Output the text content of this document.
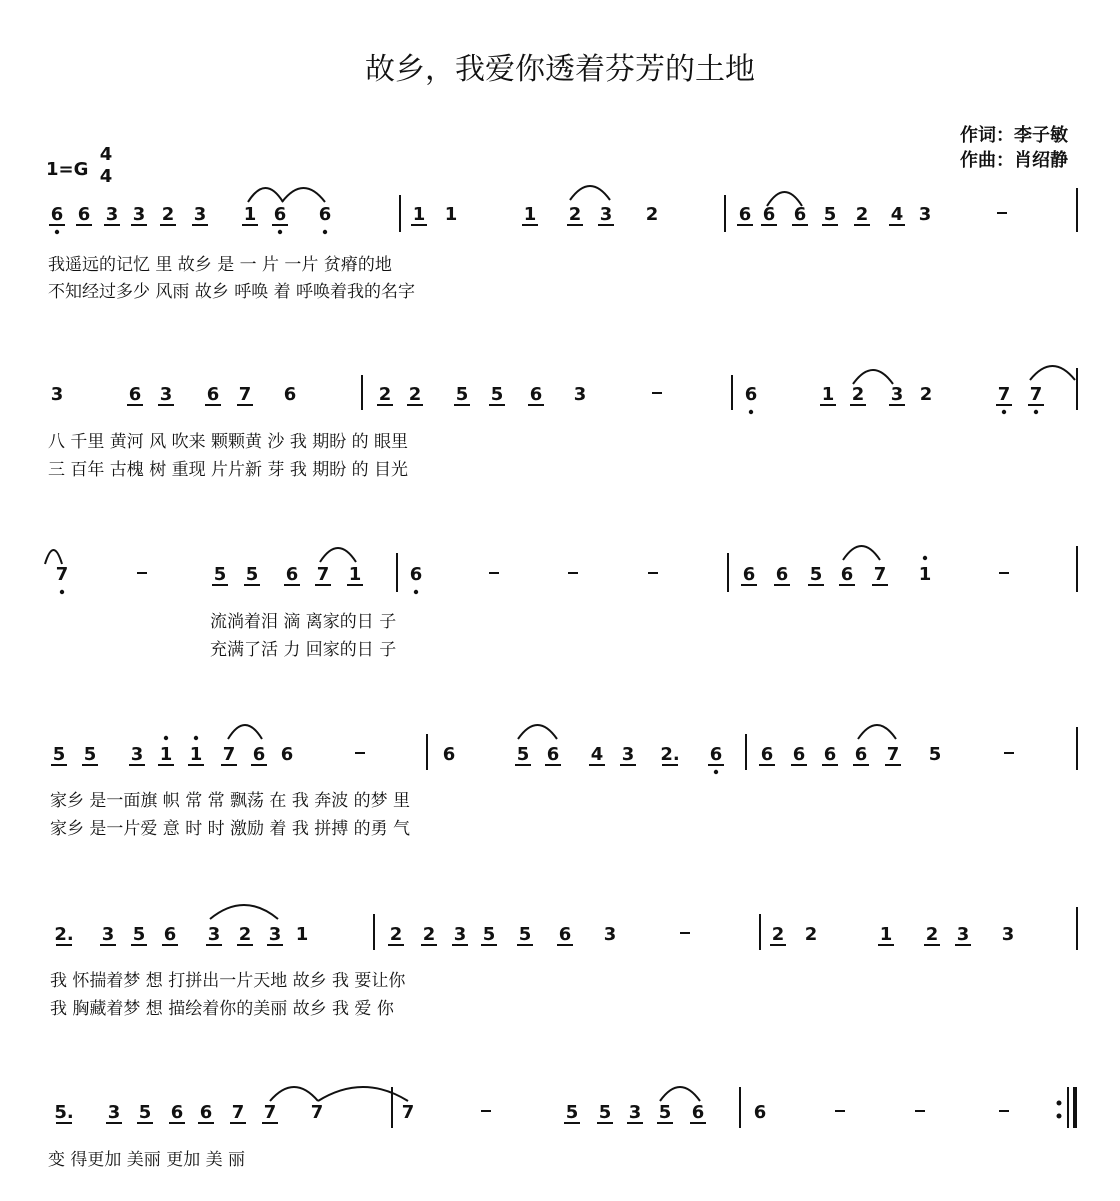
故乡，我爱你透着芬芳的土地
作词：李子敏
作曲：肖绍静
1=G
4
4
6 6 3 3 2 3 1 6 6	1 1	1 2 3 2	6 6 6 5 2 4 3
3	6 3 6 7 6	2 2 5 5 6 3	6	1 2 3 2	7 7
7	5 5 6 7 1	6	6 6 5 6 7 1
5 5 3 1 1 7 6 6	6	5 6 4 3 2. 6 6 6 6 6 7 5
2. 3 5 6 3 2 3 1	2 2 3 5 5 6 3	2 2	1 2 3 3
5. 3 5 6 6 7 7 7	7	5 5 3 5 6	6
我遥远的记忆 里 故乡 是 一 片 一片 贫瘠的地
不知经过多少 风雨 故乡 呼唤 着 呼唤着我的名字
八 千里 黄河 风 吹来 颗颗黄 沙 我 期盼 的 眼里
三 百年 古槐 树 重现 片片新 芽 我 期盼 的 目光
流淌着泪 滴 离家的日 子
充满了活 力 回家的日 子
家乡 是一面旗 帜 常 常 飘荡 在 我 奔波 的梦 里
家乡 是一片爱 意 时 时 激励 着 我 拼搏 的勇 气
我 怀揣着梦 想 打拼出一片天地 故乡 我 要让你
我 胸藏着梦 想 描绘着你的美丽 故乡 我 爱 你
变 得更加 美丽 更加 美 丽
